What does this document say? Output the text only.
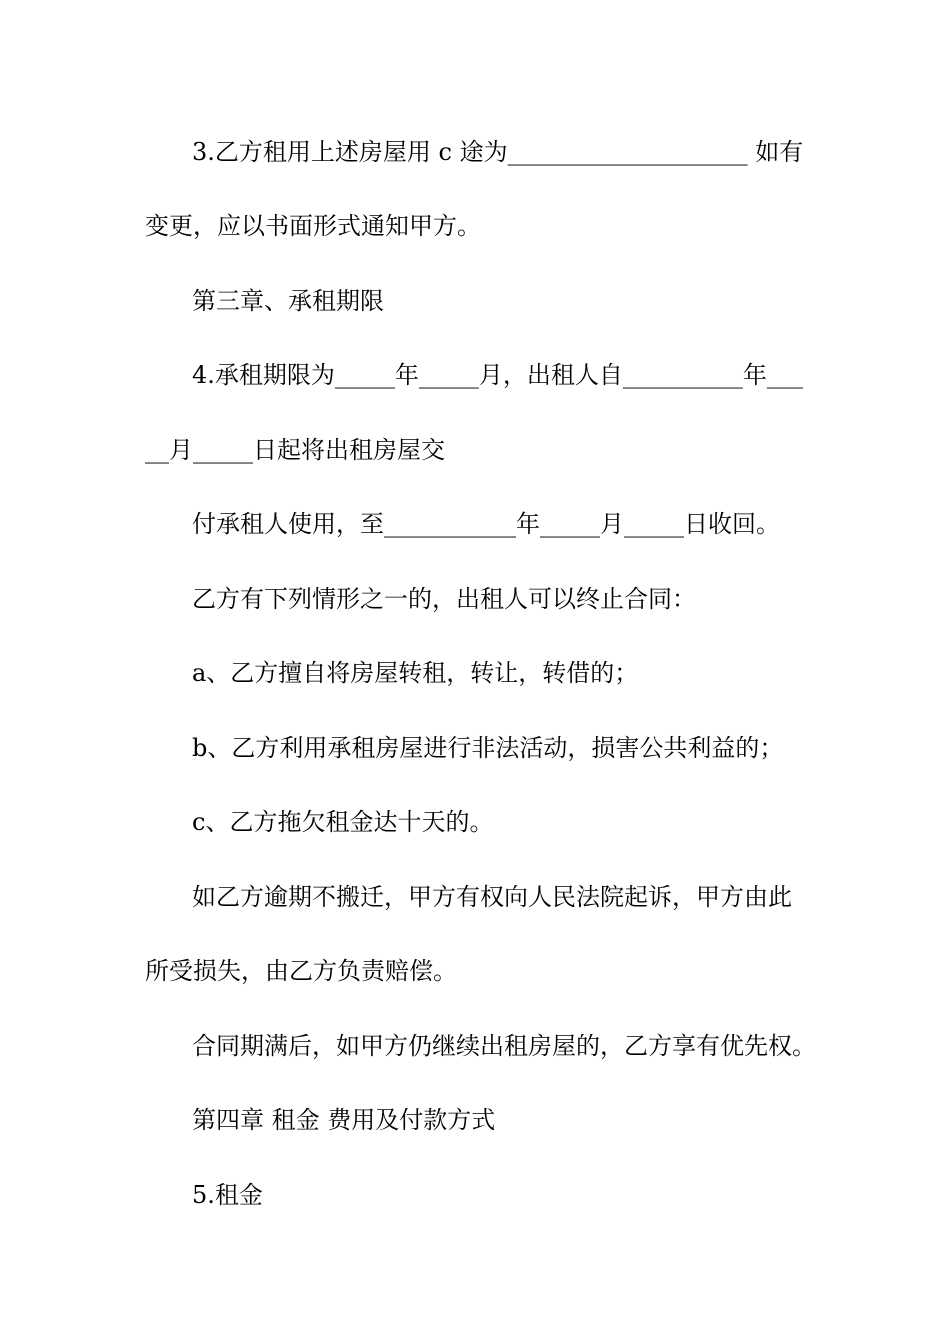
3.乙方租用上述房屋用 c 途为____________________ 如有
变更，应以书面形式通知甲方。
第三章、承租期限
4.承租期限为_____年_____月，出租人自__________年___
__月_____日起将出租房屋交
付承租人使用，至___________年_____月_____日收回。
乙方有下列情形之一的，出租人可以终止合同：
a、乙方擅自将房屋转租，转让，转借的；
b、乙方利用承租房屋进行非法活动，损害公共利益的；
c、乙方拖欠租金达十天的。
如乙方逾期不搬迁，甲方有权向人民法院起诉，甲方由此
所受损失，由乙方负责赔偿。
合同期满后，如甲方仍继续出租房屋的，乙方享有优先权。
第四章 租金 费用及付款方式
5.租金
